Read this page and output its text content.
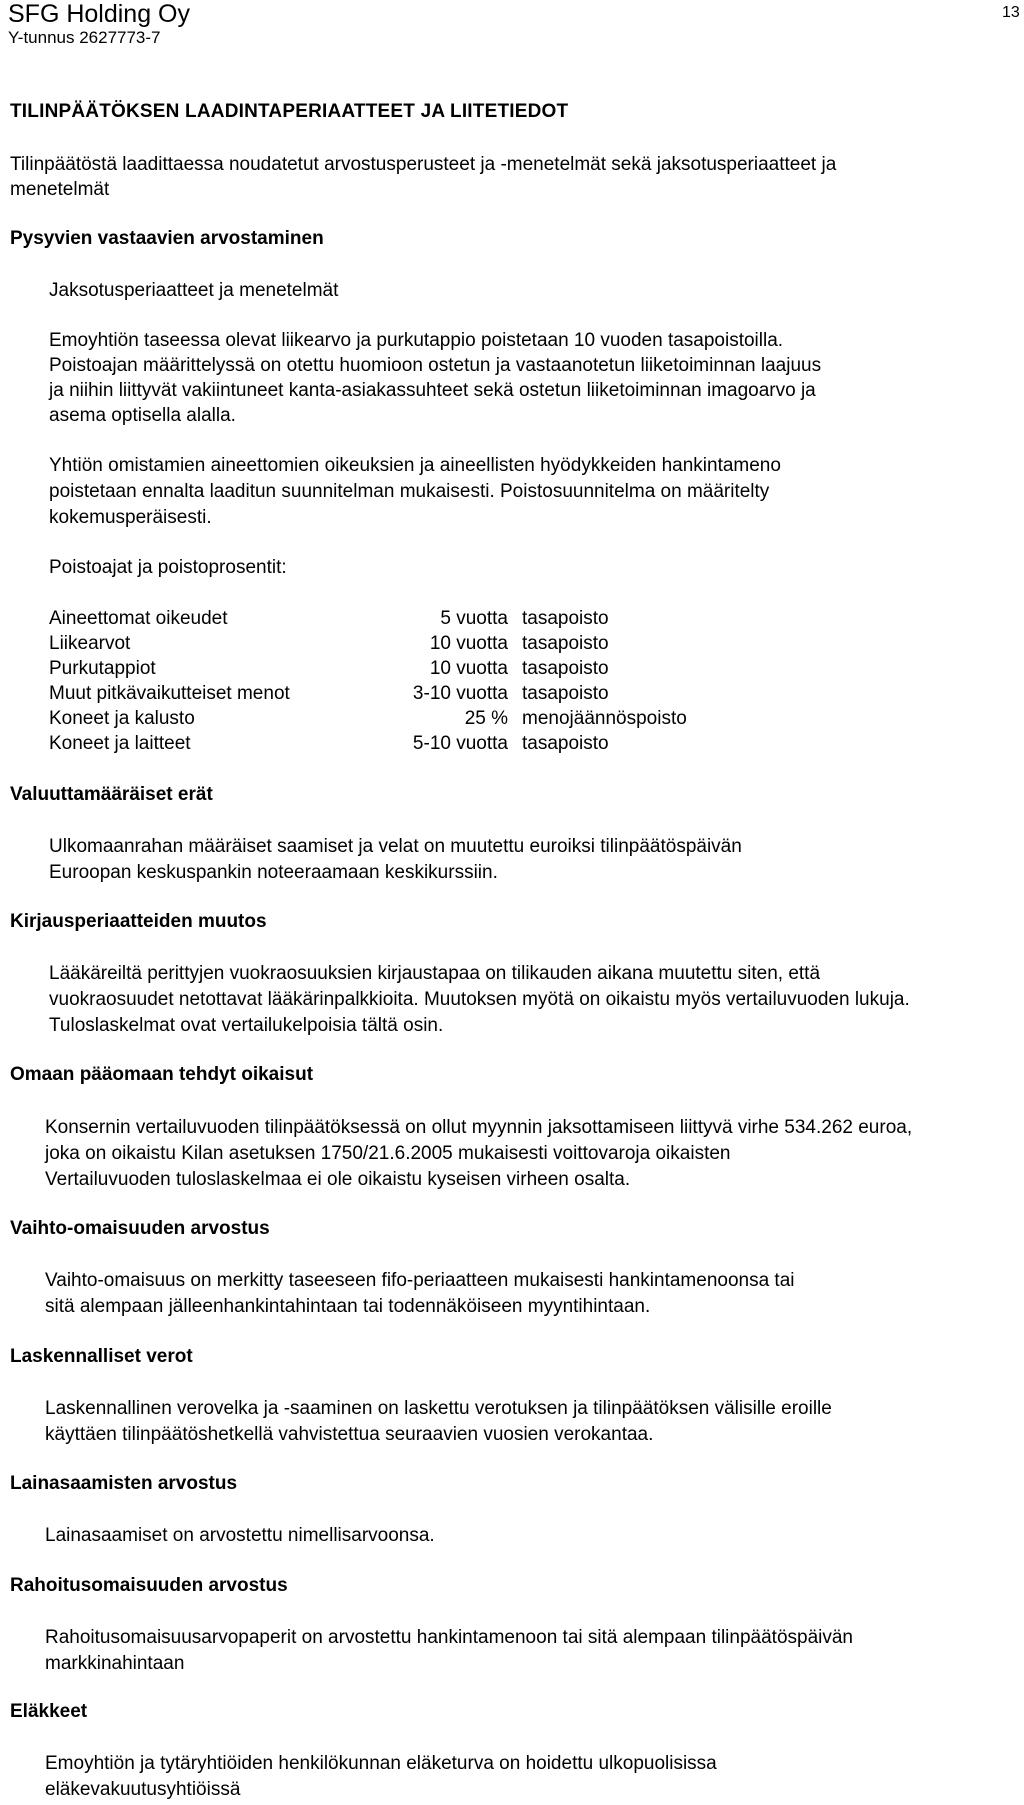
SFG Holding Oy
Y-tunnus 2627773-7
13
TILINPÄÄTÖKSEN LAADINTAPERIAATTEET JA LIITETIEDOT
Tilinpäätöstä laadittaessa noudatetut arvostusperusteet ja -menetelmät sekä jaksotusperiaatteet ja
menetelmät
Pysyvien vastaavien arvostaminen
Jaksotusperiaatteet ja menetelmät
Emoyhtiön taseessa olevat liikearvo ja purkutappio poistetaan 10 vuoden tasapoistoilla.
Poistoajan määrittelyssä on otettu huomioon ostetun ja vastaanotetun liiketoiminnan laajuus
ja niihin liittyvät vakiintuneet kanta-asiakassuhteet sekä ostetun liiketoiminnan imagoarvo ja
asema optisella alalla.
Yhtiön omistamien aineettomien oikeuksien ja aineellisten hyödykkeiden hankintameno
poistetaan ennalta laaditun suunnitelman mukaisesti. Poistosuunnitelma on määritelty
kokemusperäisesti.
Poistoajat ja poistoprosentit:
Aineettomat oikeudet	5 vuotta tasapoisto
Liikearvot	10 vuotta tasapoisto
Purkutappiot	10 vuotta tasapoisto
Muut pitkävaikutteiset menot	3-10 vuotta tasapoisto
Koneet ja kalusto	25 % menojäännöspoisto
Koneet ja laitteet	5-10 vuotta tasapoisto
Valuuttamääräiset erät
Ulkomaanrahan määräiset saamiset ja velat on muutettu euroiksi tilinpäätöspäivän
Euroopan keskuspankin noteeraamaan keskikurssiin.
Kirjausperiaatteiden muutos
Lääkäreiltä perittyjen vuokraosuuksien kirjaustapaa on tilikauden aikana muutettu siten, että
vuokraosuudet netottavat lääkärinpalkkioita. Muutoksen myötä on oikaistu myös vertailuvuoden lukuja.
Tuloslaskelmat ovat vertailukelpoisia tältä osin.
Omaan pääomaan tehdyt oikaisut
Konsernin vertailuvuoden tilinpäätöksessä on ollut myynnin jaksottamiseen liittyvä virhe 534.262 euroa,
joka on oikaistu Kilan asetuksen 1750/21.6.2005 mukaisesti voittovaroja oikaisten
Vertailuvuoden tuloslaskelmaa ei ole oikaistu kyseisen virheen osalta.
Vaihto-omaisuuden arvostus
Vaihto-omaisuus on merkitty taseeseen fifo-periaatteen mukaisesti hankintamenoonsa tai
sitä alempaan jälleenhankintahintaan tai todennäköiseen myyntihintaan.
Laskennalliset verot
Laskennallinen verovelka ja -saaminen on laskettu verotuksen ja tilinpäätöksen välisille eroille
käyttäen tilinpäätöshetkellä vahvistettua seuraavien vuosien verokantaa.
Lainasaamisten arvostus
Lainasaamiset on arvostettu nimellisarvoonsa.
Rahoitusomaisuuden arvostus
Rahoitusomaisuusarvopaperit on arvostettu hankintamenoon tai sitä alempaan tilinpäätöspäivän
markkinahintaan
Eläkkeet
Emoyhtiön ja tytäryhtiöiden henkilökunnan eläketurva on hoidettu ulkopuolisissa
eläkevakuutusyhtiöissä
